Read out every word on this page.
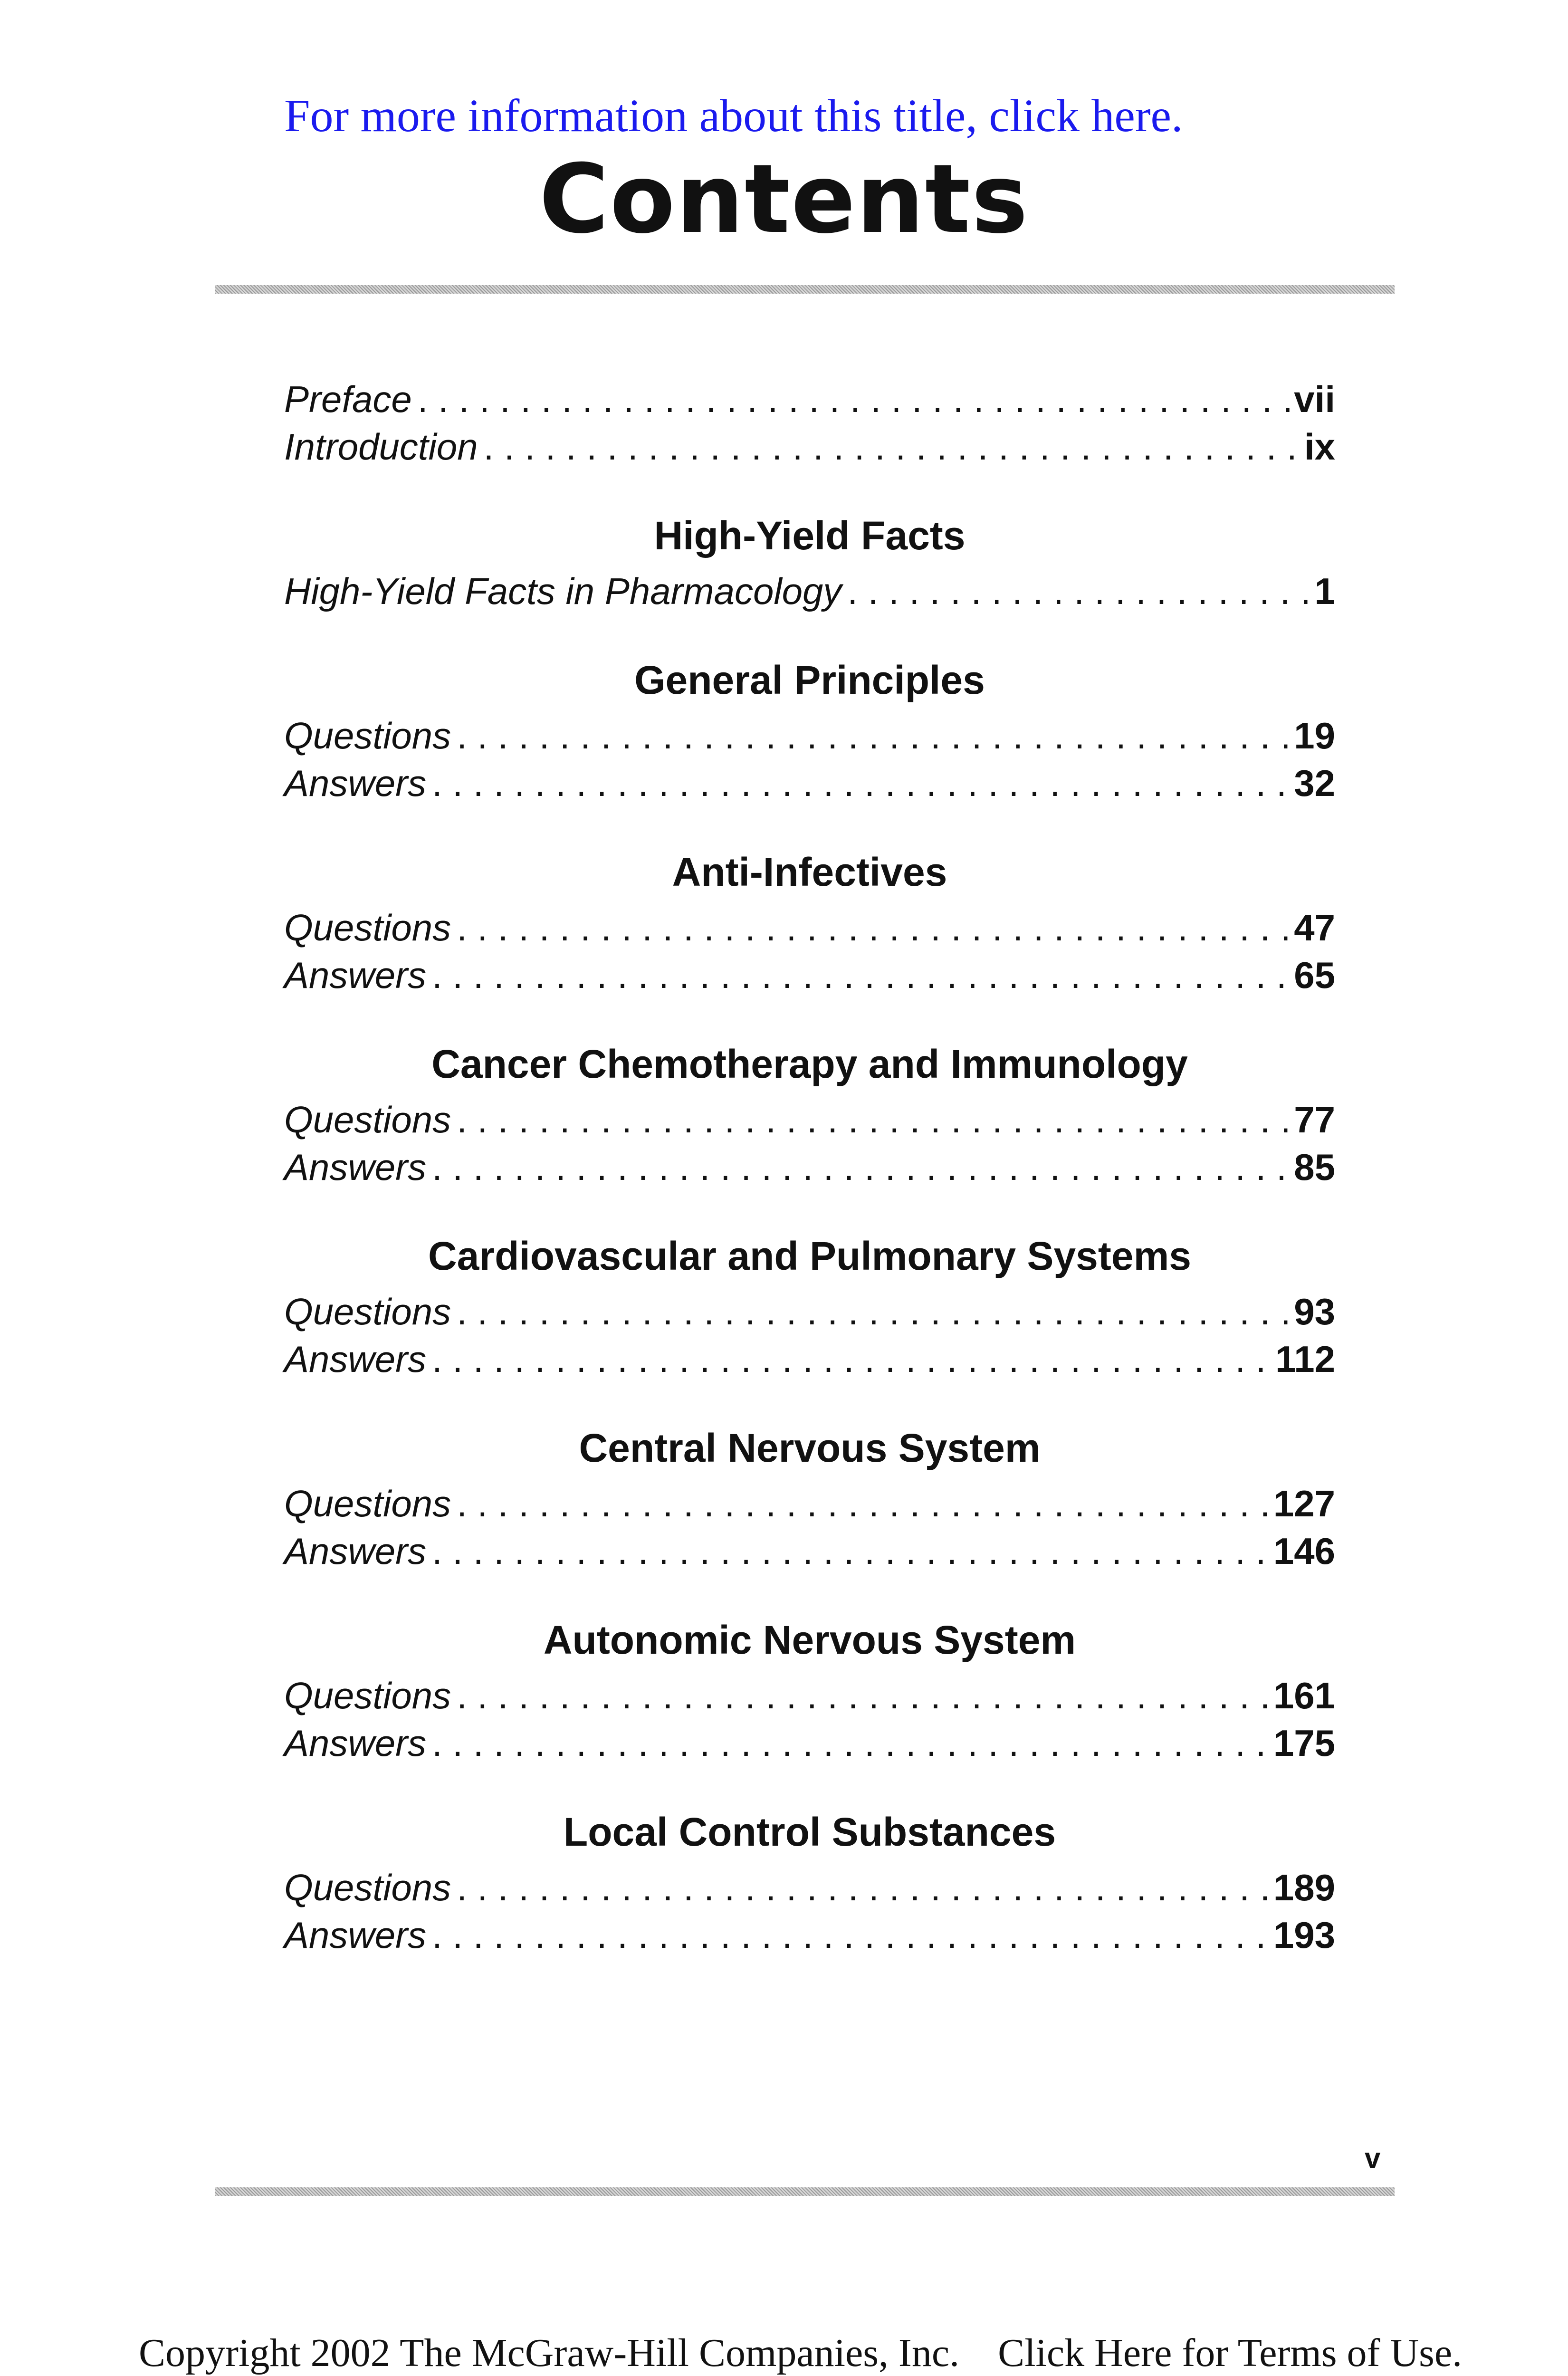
For more information about this title, click here.
Contents
Preface . . .	vii
Introduction . . .	ix
High-Yield Facts
High-Yield Facts in Pharmacology . . .	1
General Principles
Questions . . .	19
Answers . . .	32
Anti-Infectives
Questions . . .	47
Answers . . .	65
Cancer Chemotherapy and Immunology
Questions . . .	77
Answers . . .	85
Cardiovascular and Pulmonary Systems
Questions . . .	93
Answers . . .	112
Central Nervous System
Questions . . .	127
Answers . . .	146
Autonomic Nervous System
Questions . . .	161
Answers . . .	175
Local Control Substances
Questions . . .	189
Answers . . .	193
v
Copyright 2002 The McGraw-Hill Companies, Inc. Click Here for Terms of Use.
